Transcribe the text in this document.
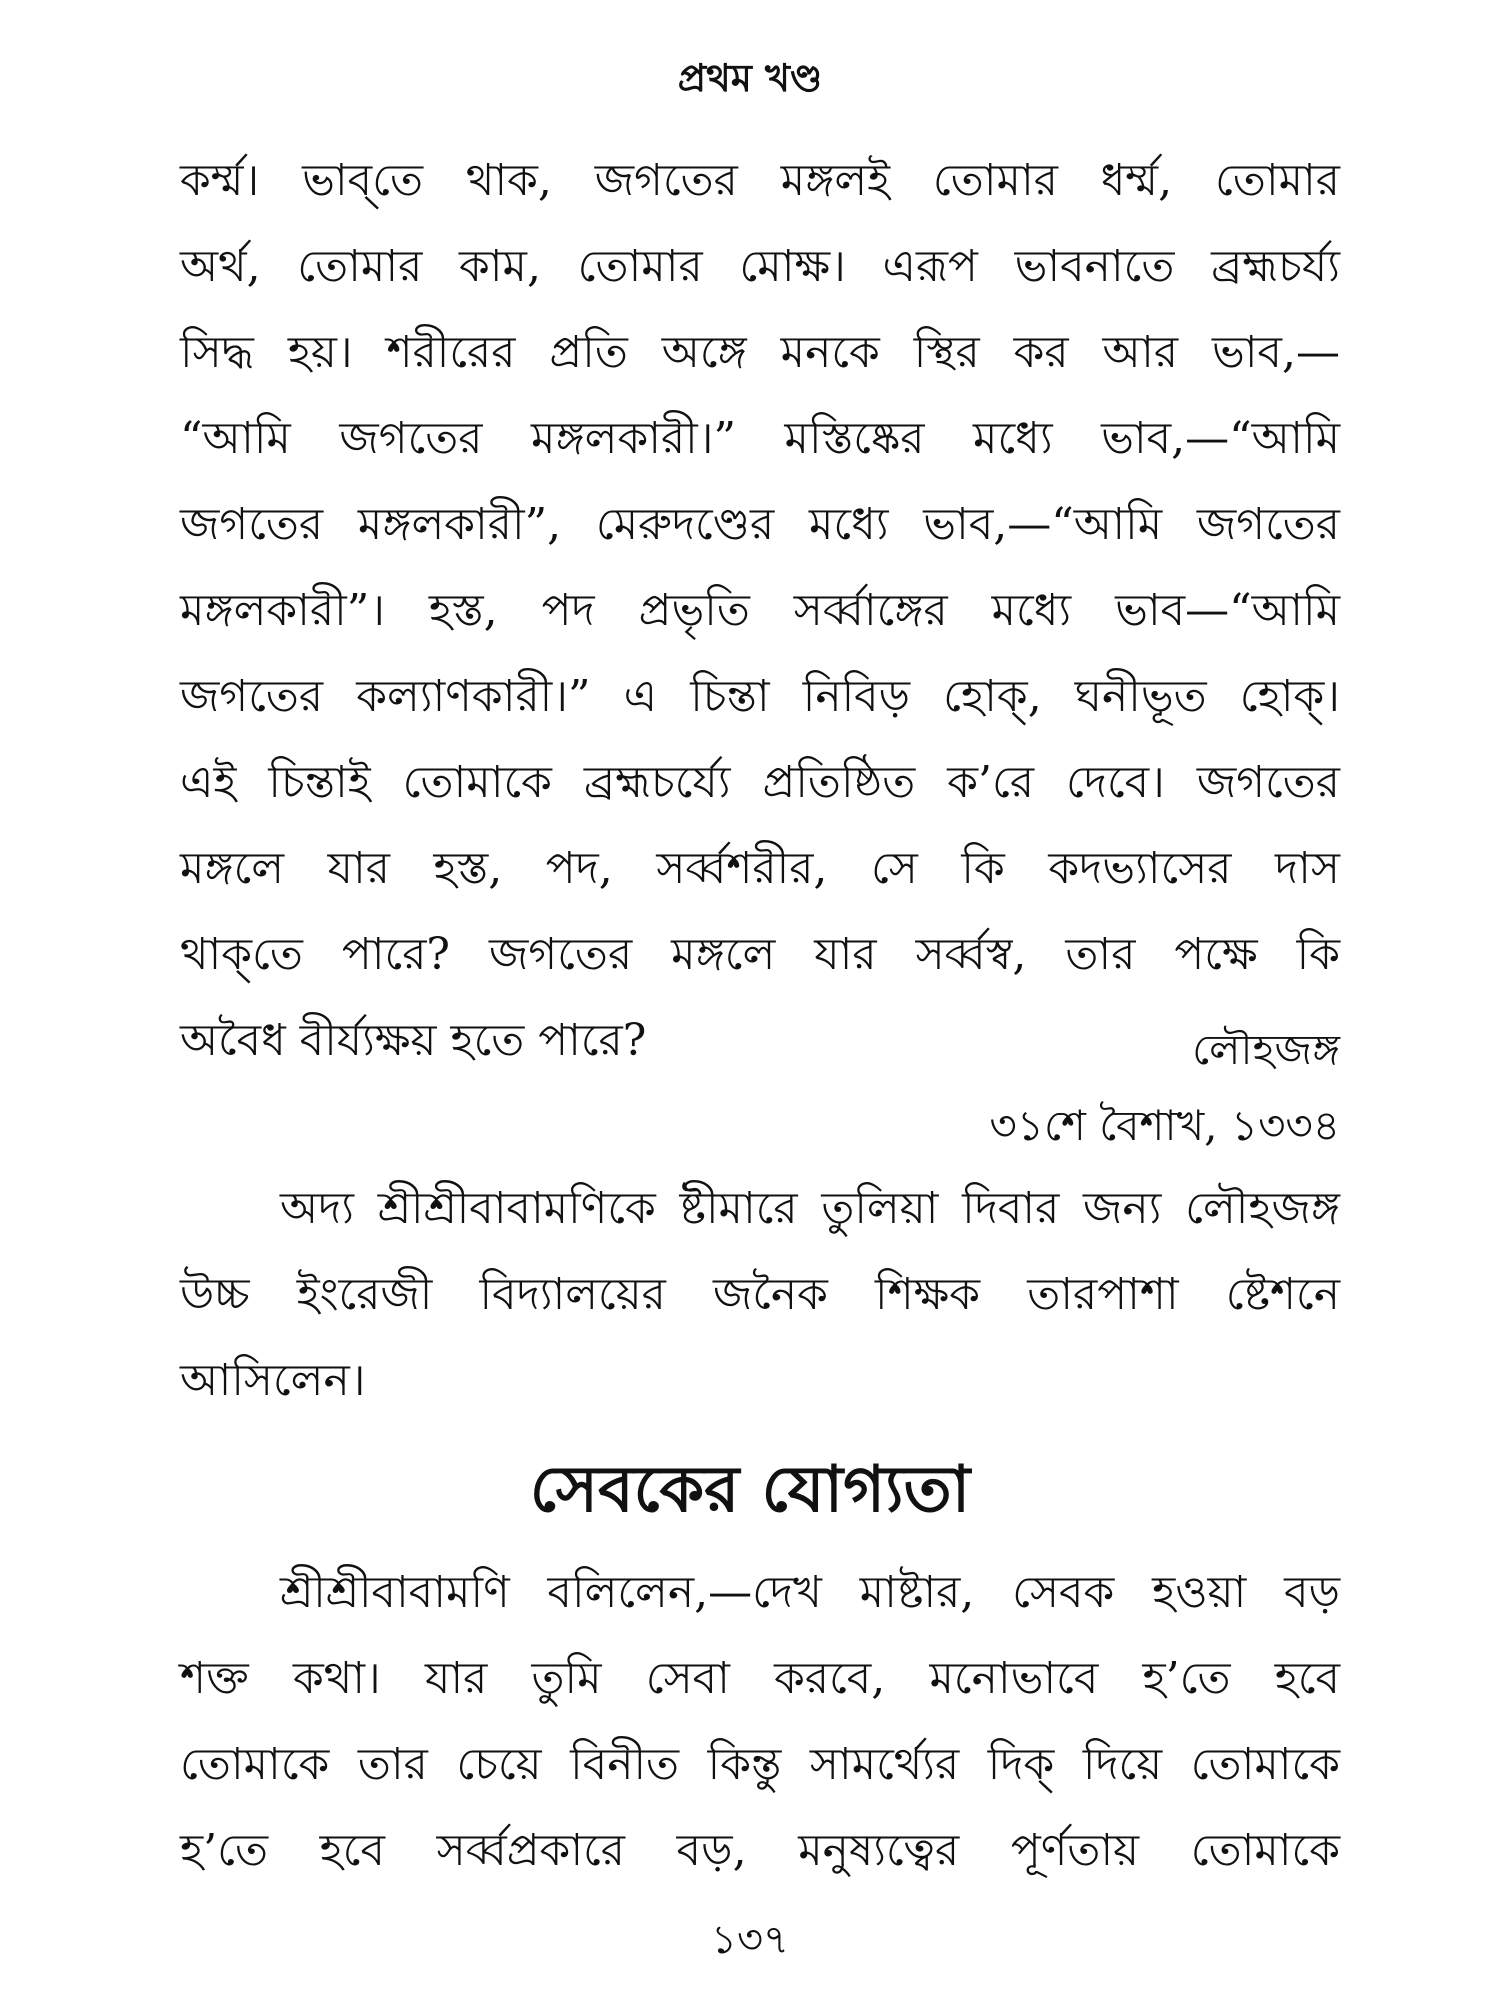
প্রথম খণ্ড
কর্ম্ম। ভাব্‌তে থাক, জগতের মঙ্গলই তোমার ধর্ম্ম, তোমার
অর্থ, তোমার কাম, তোমার মোক্ষ। এরূপ ভাবনাতে ব্রহ্মচর্য্য
সিদ্ধ হয়। শরীরের প্রতি অঙ্গে মনকে স্থির কর আর ভাব,—
“আমি জগতের মঙ্গলকারী।” মস্তিষ্কের মধ্যে ভাব,—“আমি
জগতের মঙ্গলকারী”, মেরুদণ্ডের মধ্যে ভাব,—“আমি জগতের
মঙ্গলকারী”। হস্ত, পদ প্রভৃতি সর্ব্বাঙ্গের মধ্যে ভাব—“আমি
জগতের কল্যাণকারী।” এ চিন্তা নিবিড় হোক্‌, ঘনীভূত হোক্‌।
এই চিন্তাই তোমাকে ব্রহ্মচর্য্যে প্রতিষ্ঠিত ক’রে দেবে। জগতের
মঙ্গলে যার হস্ত, পদ, সর্ব্বশরীর, সে কি কদভ্যাসের দাস
থাক্‌তে পারে? জগতের মঙ্গলে যার সর্ব্বস্ব, তার পক্ষে কি
অবৈধ বীর্য্যক্ষয় হতে পারে?	লৌহজঙ্গ
৩১শে বৈশাখ, ১৩৩৪
অদ্য শ্রীশ্রীবাবামণিকে ষ্টীমারে তুলিয়া দিবার জন্য লৌহজঙ্গ
উচ্চ ইংরেজী বিদ্যালয়ের জনৈক শিক্ষক তারপাশা ষ্টেশনে
আসিলেন।
সেবকের যোগ্যতা
শ্রীশ্রীবাবামণি বলিলেন,—দেখ মাষ্টার, সেবক হওয়া বড়
শক্ত কথা। যার তুমি সেবা করবে, মনোভাবে হ’তে হবে
তোমাকে তার চেয়ে বিনীত কিন্তু সামর্থ্যের দিক্‌ দিয়ে তোমাকে
হ’তে হবে সর্ব্বপ্রকারে বড়, মনুষ্যত্বের পূর্ণতায় তোমাকে
১৩৭
